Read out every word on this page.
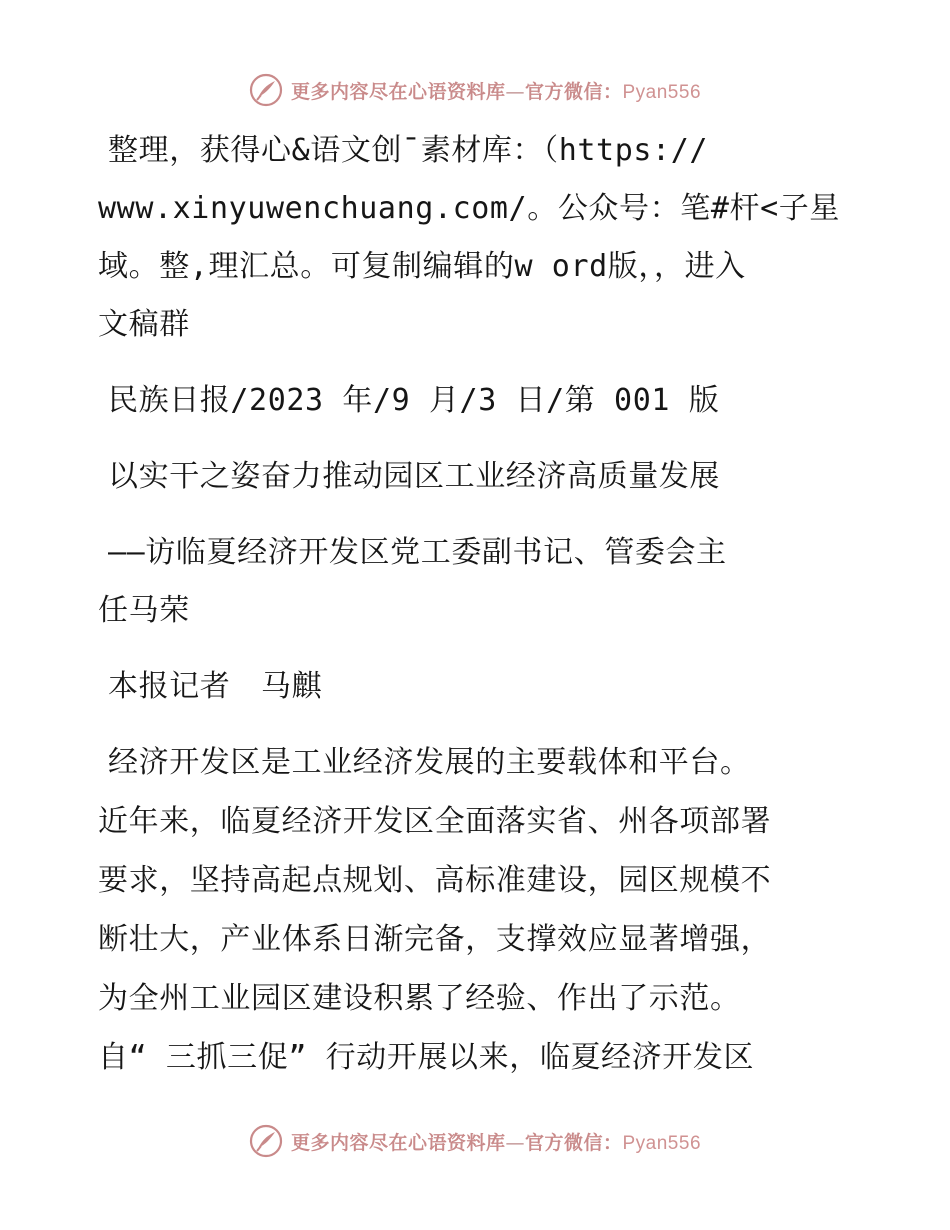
更多内容尽在心语资料库—官方微信：Pyan556
整理，获得心&语文创¯素材库：（https://
www.xinyuwenchuang.com/。公众号：笔#杆<子星
域。整,理汇总。可复制编辑的w ord版，，进入
文稿群
民族日报/2023 年/9 月/3 日/第 001 版
以实干之姿奋力推动园区工业经济高质量发展
——访临夏经济开发区党工委副书记、管委会主
任马荣
本报记者　马麒
经济开发区是工业经济发展的主要载体和平台。
近年来，临夏经济开发区全面落实省、州各项部署
要求，坚持高起点规划、高标准建设，园区规模不
断壮大，产业体系日渐完备，支撑效应显著增强，
为全州工业园区建设积累了经验、作出了示范。
自“ 三抓三促” 行动开展以来，临夏经济开发区
更多内容尽在心语资料库—官方微信：Pyan556
